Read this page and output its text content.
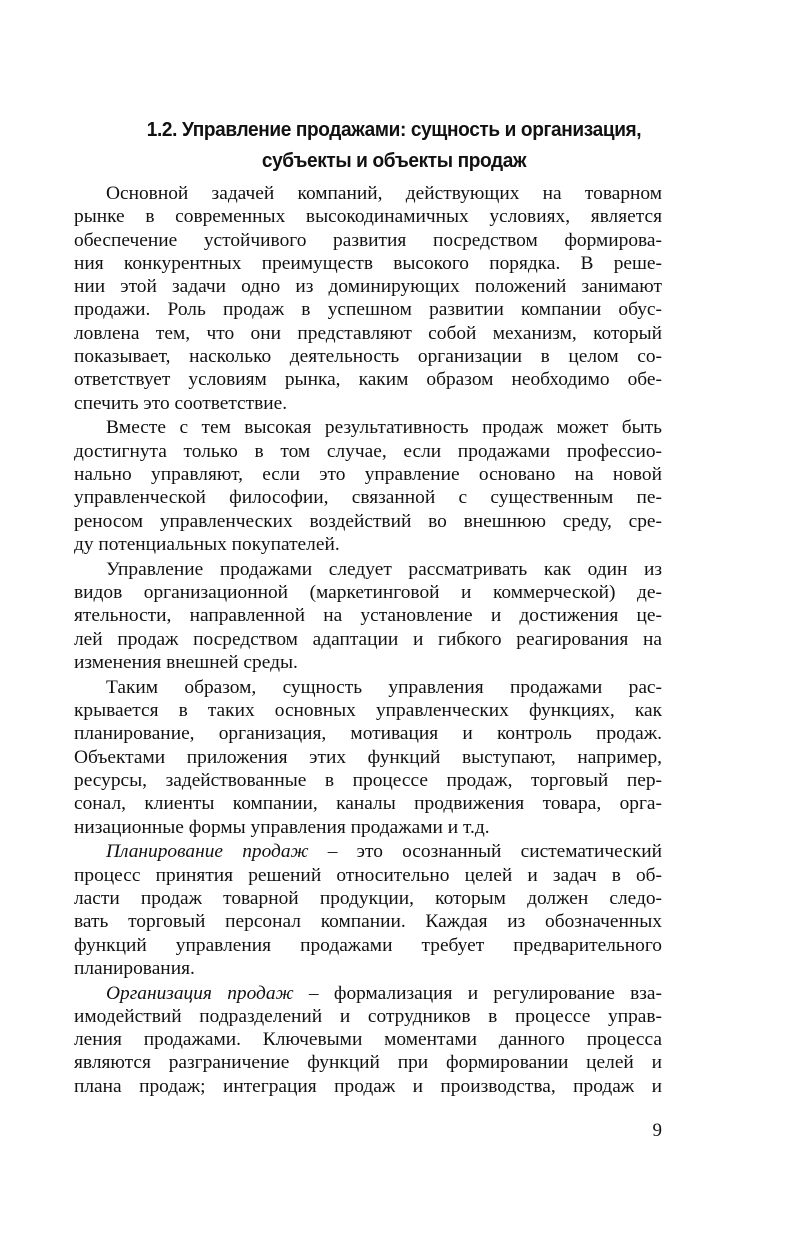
1.2. Управление продажами: сущность и организация,
субъекты и объекты продаж

Основной задачей компаний, действующих на товарном
рынке в современных высокодинамичных условиях, является
обеспечение устойчивого развития посредством формирова-
ния конкурентных преимуществ высокого порядка. В реше-
нии этой задачи одно из доминирующих положений занимают
продажи. Роль продаж в успешном развитии компании обус-
ловлена тем, что они представляют собой механизм, который
показывает, насколько деятельность организации в целом со-
ответствует условиям рынка, каким образом необходимо обе-
спечить это соответствие.

Вместе с тем высокая результативность продаж может быть
достигнута только в том случае, если продажами профессио-
нально управляют, если это управление основано на новой
управленческой философии, связанной с существенным пе-
реносом управленческих воздействий во внешнюю среду, сре-
ду потенциальных покупателей.

Управление продажами следует рассматривать как один из
видов организационной (маркетинговой и коммерческой) де-
ятельности, направленной на установление и достижения це-
лей продаж посредством адаптации и гибкого реагирования на
изменения внешней среды.

Таким образом, сущность управления продажами рас-
крывается в таких основных управленческих функциях, как
планирование, организация, мотивация и контроль продаж.
Объектами приложения этих функций выступают, например,
ресурсы, задействованные в процессе продаж, торговый пер-
сонал, клиенты компании, каналы продвижения товара, орга-
низационные формы управления продажами и т.д.

Планирование продаж – это осознанный систематический
процесс принятия решений относительно целей и задач в об-
ласти продаж товарной продукции, которым должен следо-
вать торговый персонал компании. Каждая из обозначенных
функций управления продажами требует предварительного
планирования.

Организация продаж – формализация и регулирование вза-
имодействий подразделений и сотрудников в процессе управ-
ления продажами. Ключевыми моментами данного процесса
являются разграничение функций при формировании целей и
плана продаж; интеграция продаж и производства, продаж и

9
